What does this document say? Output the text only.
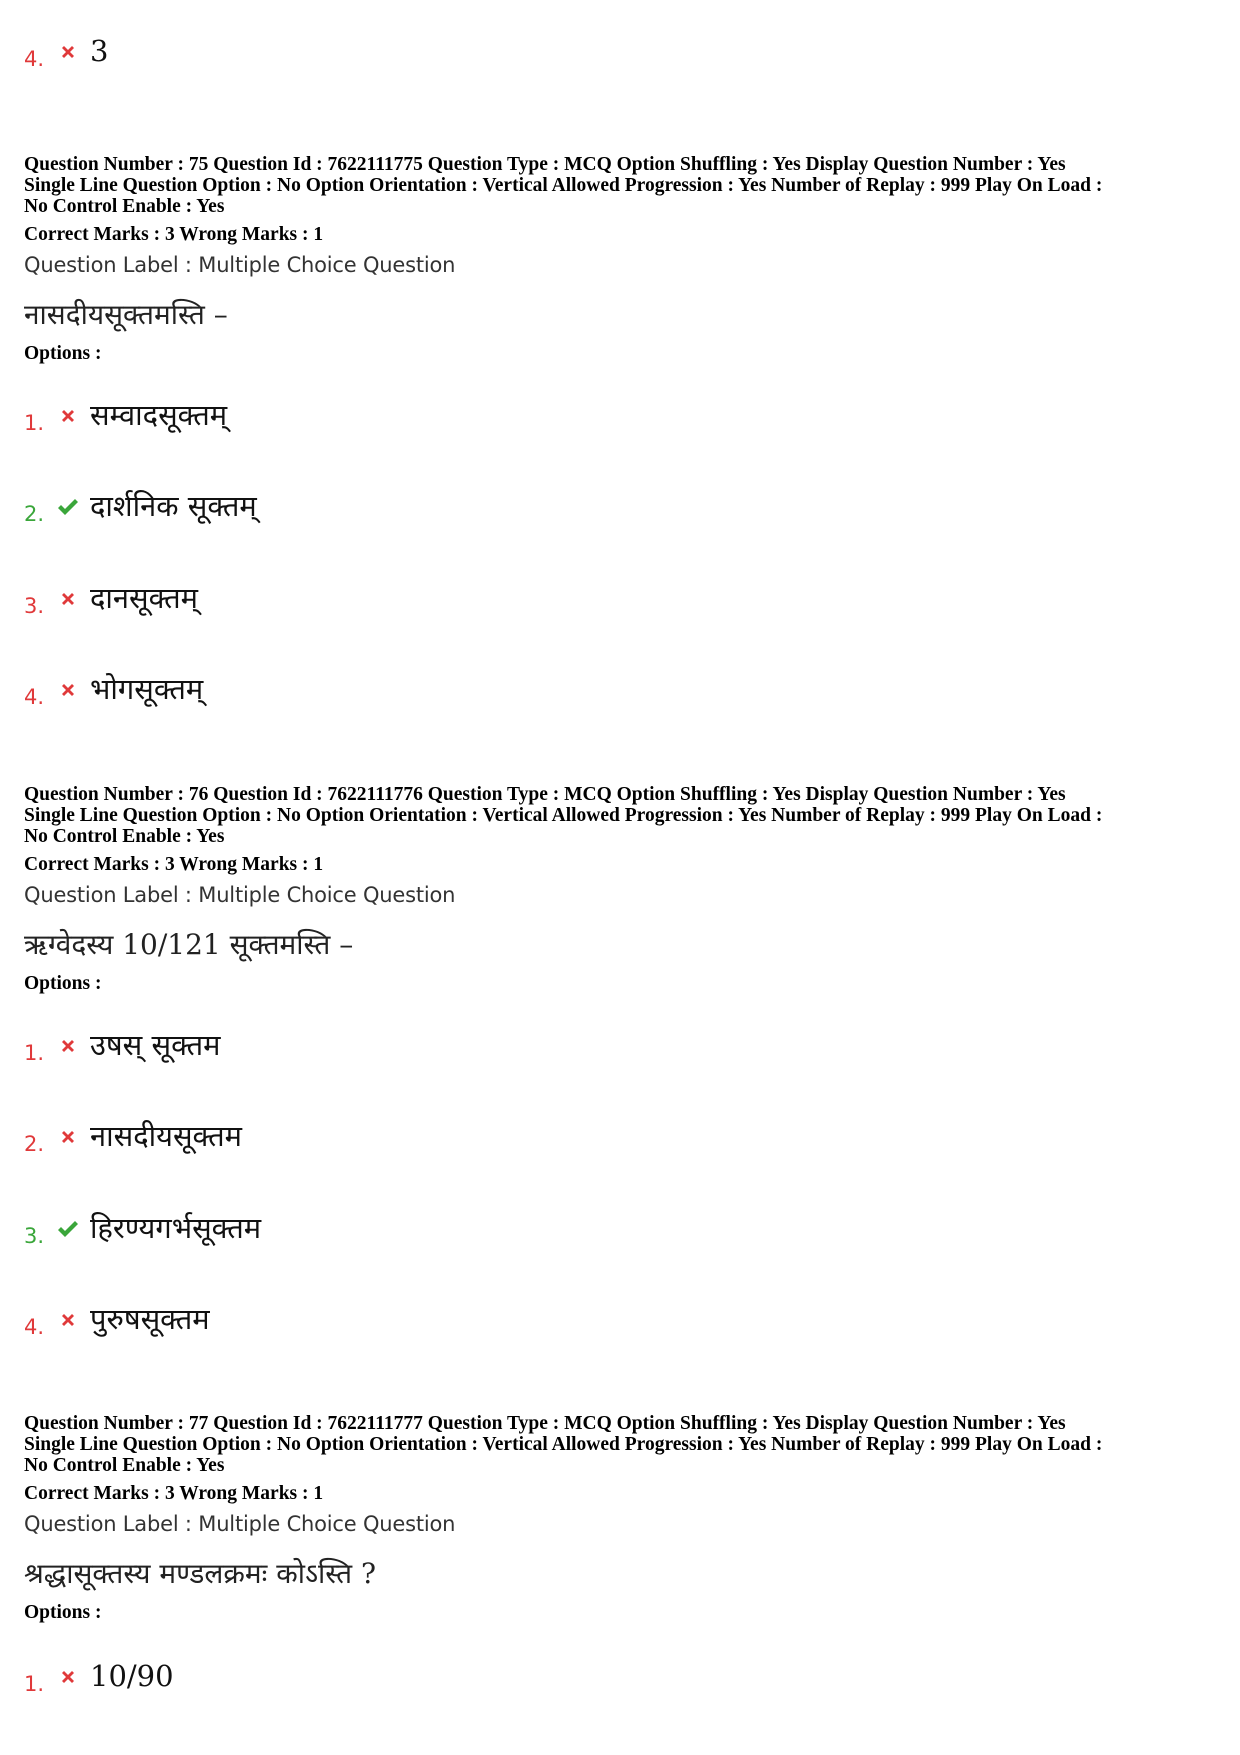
4.	3

Question Number : 75 Question Id : 7622111775 Question Type : MCQ Option Shuffling : Yes Display Question Number : Yes

Single Line Question Option : No Option Orientation : Vertical Allowed Progression : Yes Number of Replay : 999 Play On Load :

No Control Enable : Yes

Correct Marks : 3 Wrong Marks : 1
Question Label : Multiple Choice Question
नासदीयसूक्तमस्ति –
Options :
1.	सम्वादसूक्तम्
2.	दार्शनिक सूक्तम्
3.	दानसूक्तम्
4.	भोगसूक्तम्

Question Number : 76 Question Id : 7622111776 Question Type : MCQ Option Shuffling : Yes Display Question Number : Yes

Single Line Question Option : No Option Orientation : Vertical Allowed Progression : Yes Number of Replay : 999 Play On Load :

No Control Enable : Yes

Correct Marks : 3 Wrong Marks : 1
Question Label : Multiple Choice Question
ऋग्वेदस्य 10/121 सूक्तमस्ति –
Options :
1.	उषस् सूक्तम
2.	नासदीयसूक्तम
3.	हिरण्यगर्भसूक्तम
4.	पुरुषसूक्तम

Question Number : 77 Question Id : 7622111777 Question Type : MCQ Option Shuffling : Yes Display Question Number : Yes

Single Line Question Option : No Option Orientation : Vertical Allowed Progression : Yes Number of Replay : 999 Play On Load :

No Control Enable : Yes

Correct Marks : 3 Wrong Marks : 1
Question Label : Multiple Choice Question
श्रद्धासूक्तस्य मण्डलक्रमः कोऽस्ति ?
Options :
1.	10/90
